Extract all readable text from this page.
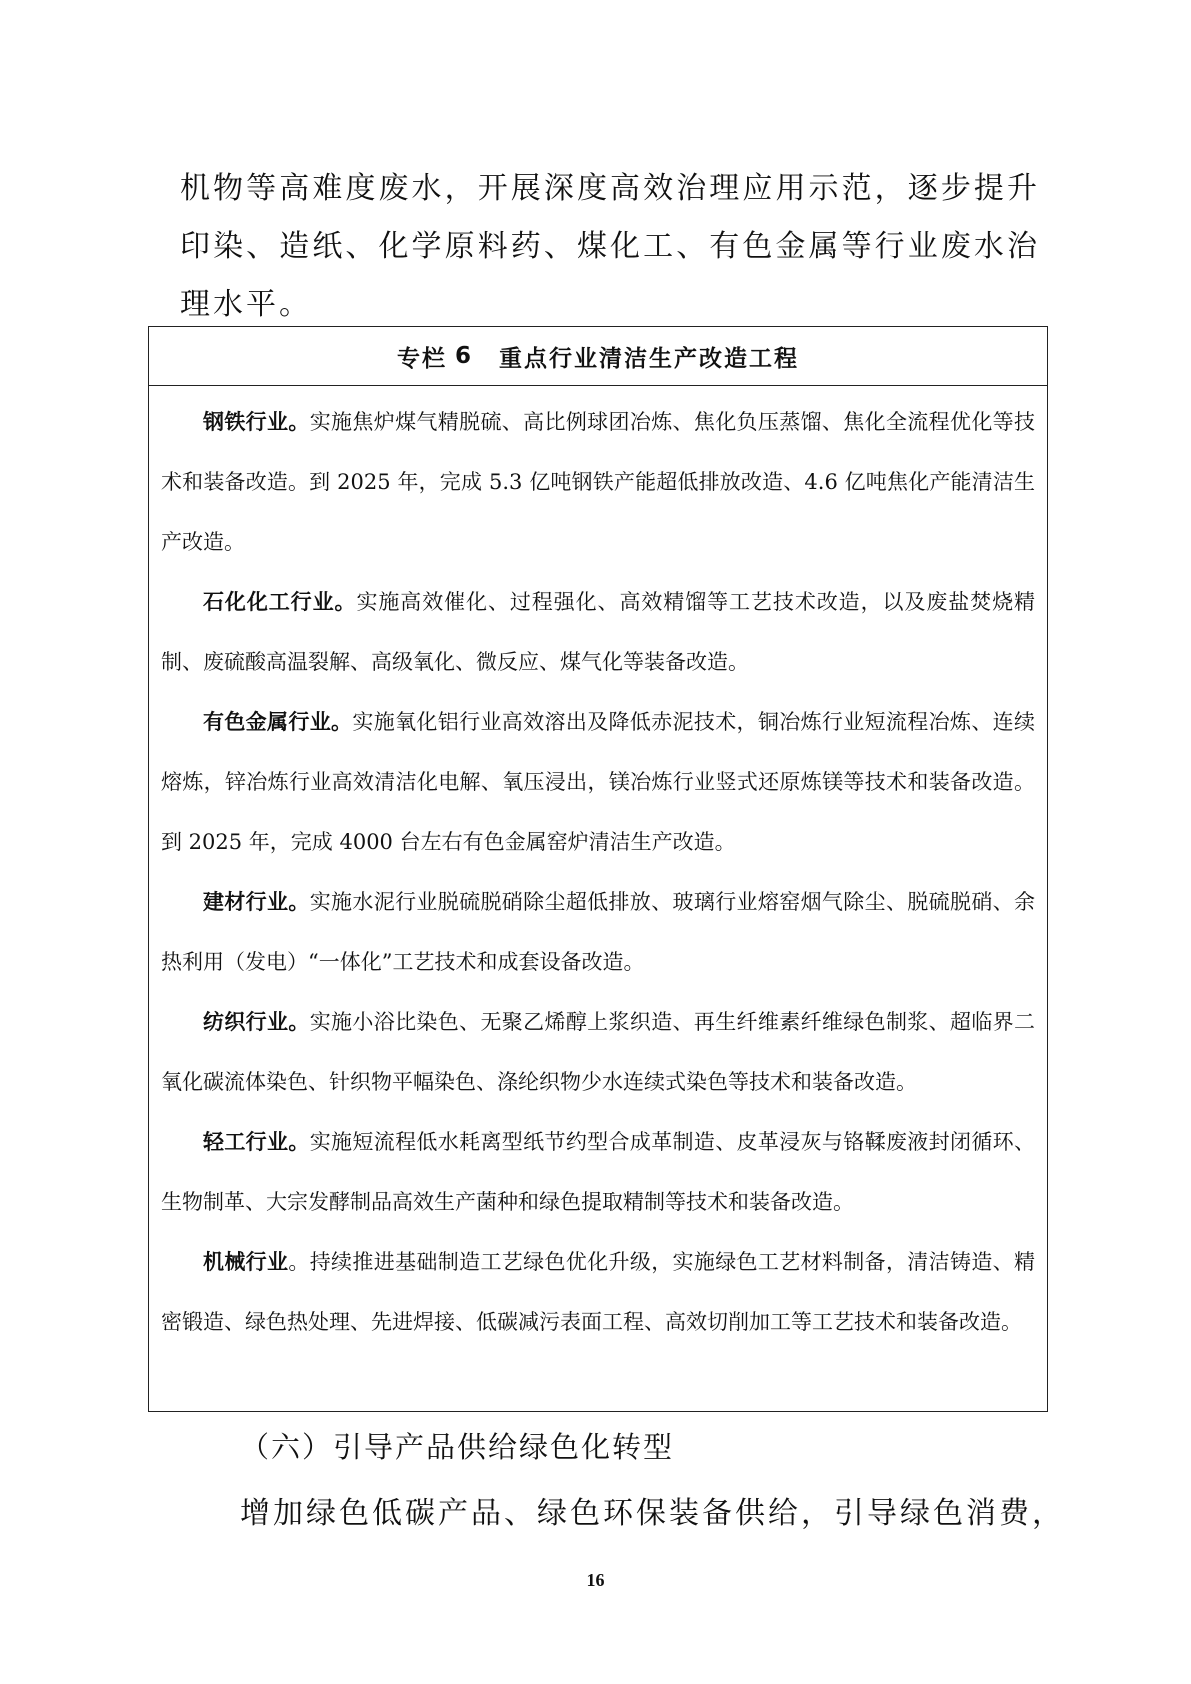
机物等高难度废水，开展深度高效治理应用示范，逐步提升印染、造纸、化学原料药、煤化工、有色金属等行业废水治理水平。

专栏 6 重点行业清洁生产改造工程

钢铁行业。实施焦炉煤气精脱硫、高比例球团冶炼、焦化负压蒸馏、焦化全流程优化等技术和装备改造。到 2025 年，完成 5.3 亿吨钢铁产能超低排放改造、4.6 亿吨焦化产能清洁生产改造。

石化化工行业。实施高效催化、过程强化、高效精馏等工艺技术改造，以及废盐焚烧精制、废硫酸高温裂解、高级氧化、微反应、煤气化等装备改造。

有色金属行业。实施氧化铝行业高效溶出及降低赤泥技术，铜冶炼行业短流程冶炼、连续熔炼，锌冶炼行业高效清洁化电解、氧压浸出，镁冶炼行业竖式还原炼镁等技术和装备改造。到 2025 年，完成 4000 台左右有色金属窑炉清洁生产改造。

建材行业。实施水泥行业脱硫脱硝除尘超低排放、玻璃行业熔窑烟气除尘、脱硫脱硝、余热利用（发电）“一体化”工艺技术和成套设备改造。

纺织行业。实施小浴比染色、无聚乙烯醇上浆织造、再生纤维素纤维绿色制浆、超临界二氧化碳流体染色、针织物平幅染色、涤纶织物少水连续式染色等技术和装备改造。

轻工行业。实施短流程低水耗离型纸节约型合成革制造、皮革浸灰与铬鞣废液封闭循环、生物制革、大宗发酵制品高效生产菌种和绿色提取精制等技术和装备改造。

机械行业。持续推进基础制造工艺绿色优化升级，实施绿色工艺材料制备，清洁铸造、精密锻造、绿色热处理、先进焊接、低碳减污表面工程、高效切削加工等工艺技术和装备改造。

（六）引导产品供给绿色化转型

增加绿色低碳产品、绿色环保装备供给，引导绿色消费，

16
